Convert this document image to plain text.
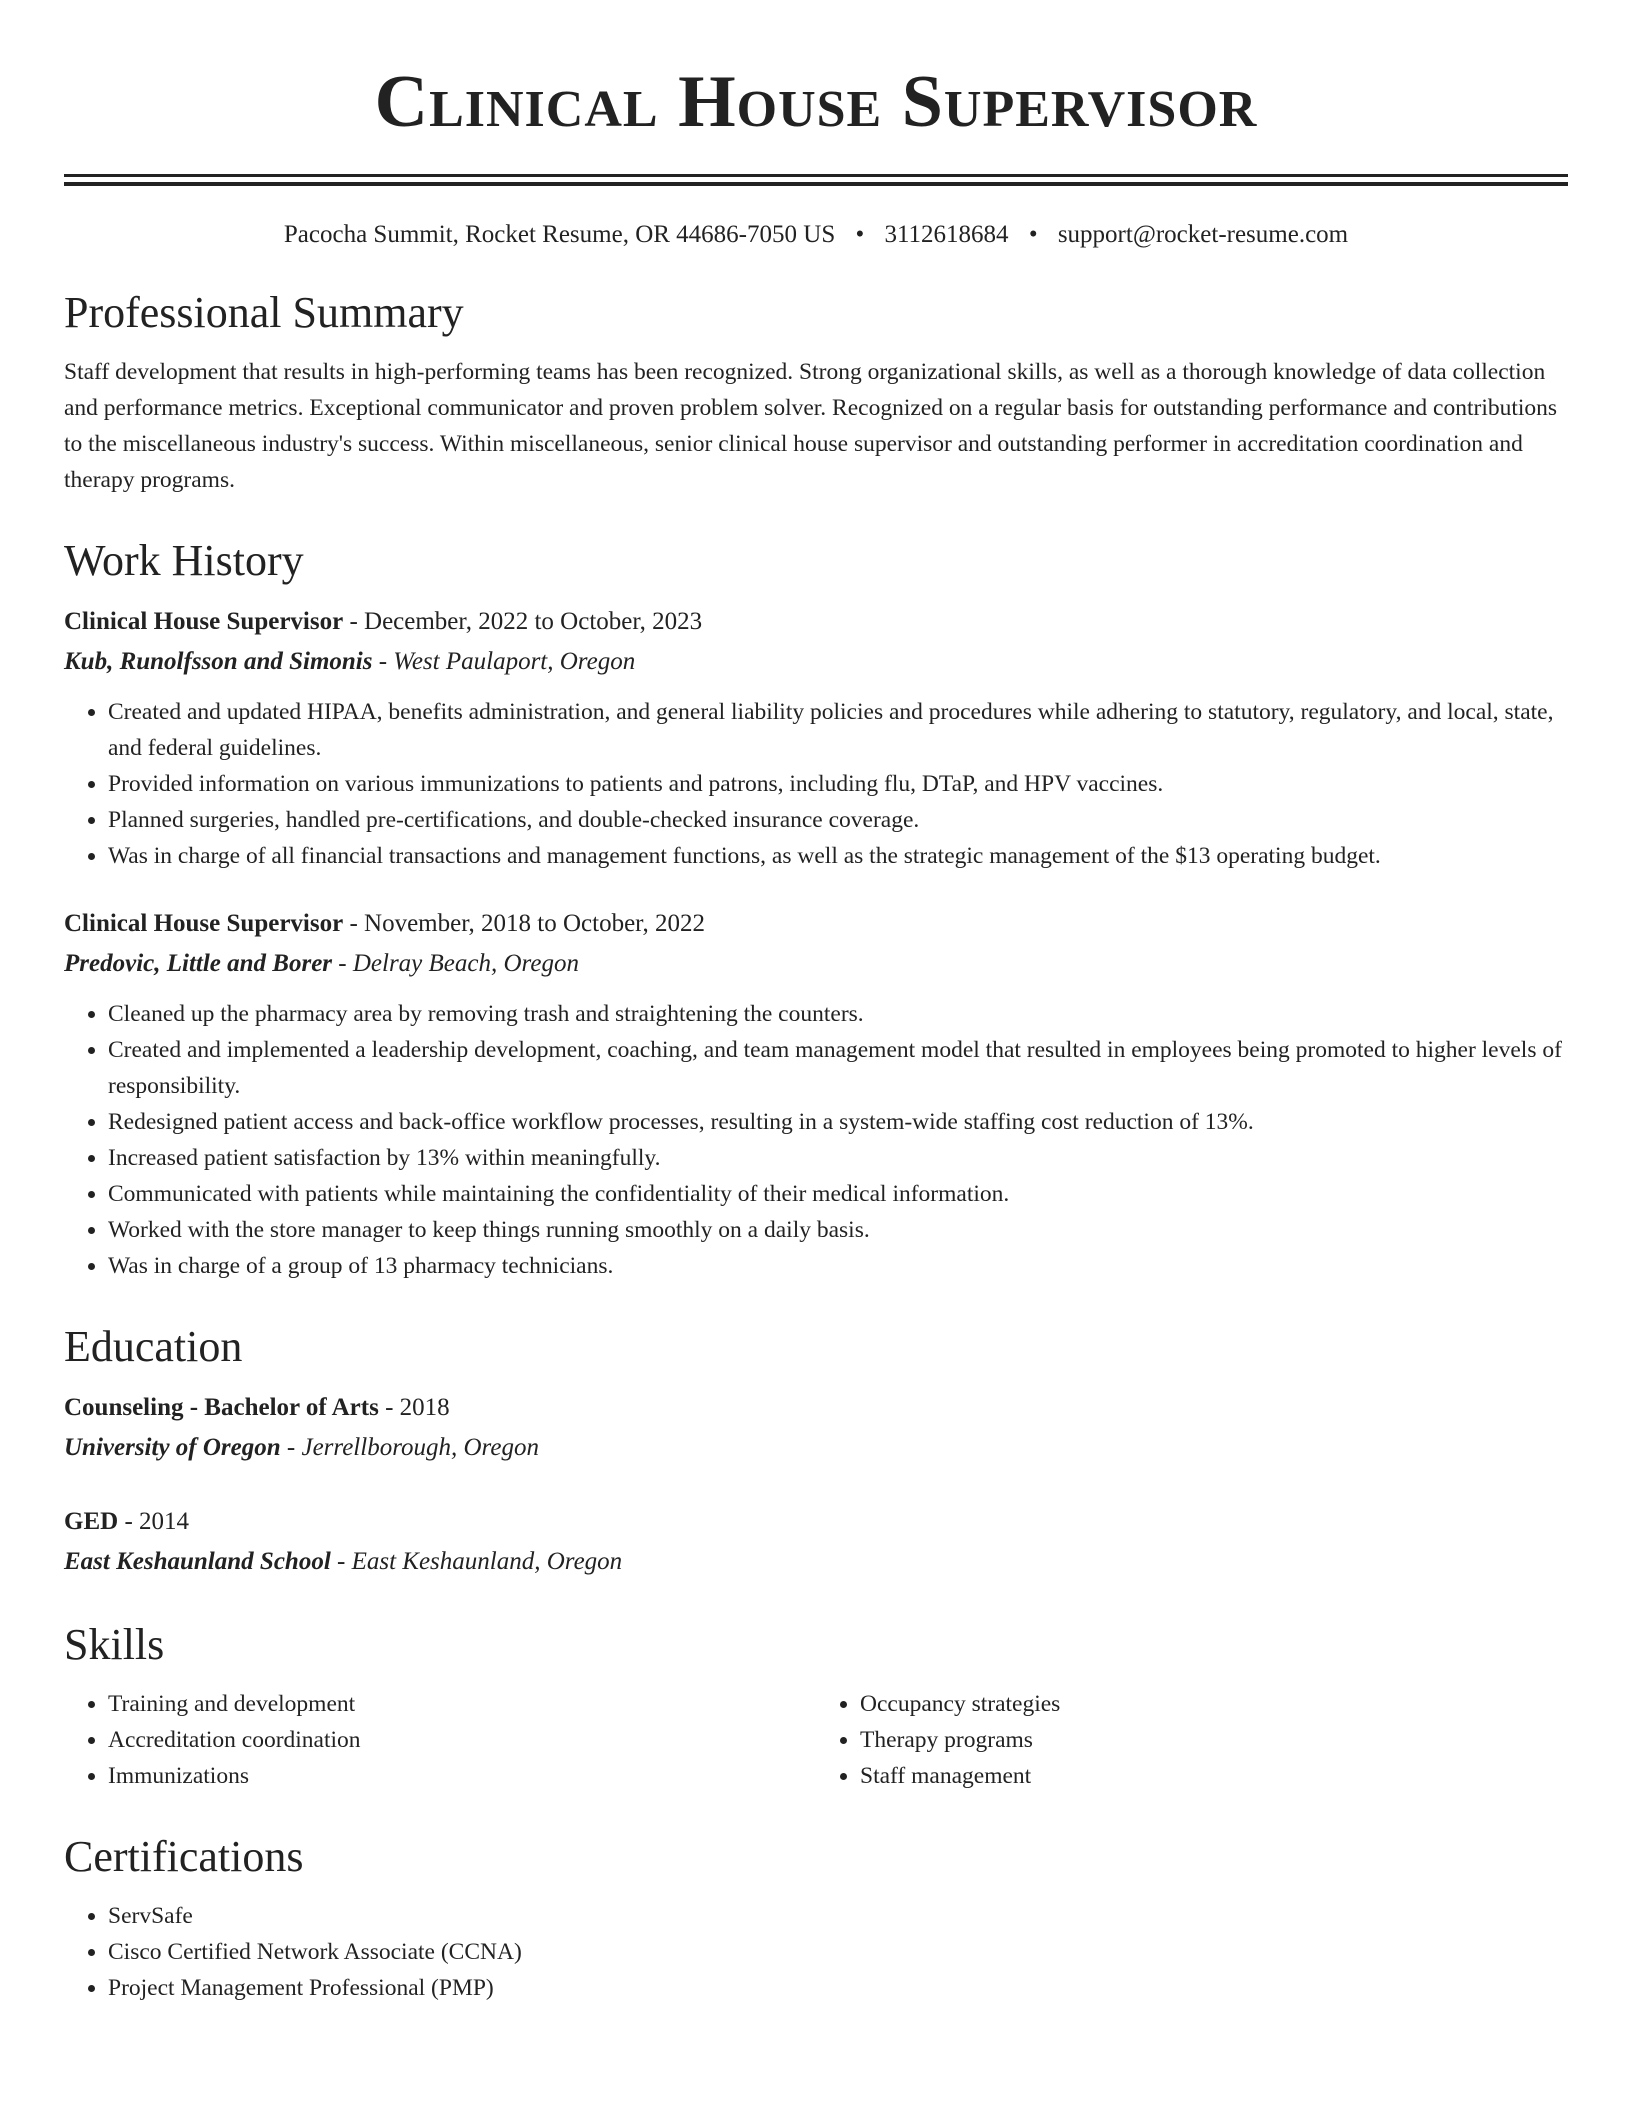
Clinical House Supervisor
Pacocha Summit, Rocket Resume, OR 44686-7050 US • 3112618684 • support@rocket-resume.com
Professional Summary

Staff development that results in high-performing teams has been recognized. Strong organizational skills, as well as a thorough knowledge of data collection and performance metrics. Exceptional communicator and proven problem solver. Recognized on a regular basis for outstanding performance and contributions to the miscellaneous industry's success. Within miscellaneous, senior clinical house supervisor and outstanding performer in accreditation coordination and therapy programs.

Work History
Clinical House Supervisor - December, 2022 to October, 2023
Kub, Runolfsson and Simonis - West Paulaport, Oregon
• Created and updated HIPAA, benefits administration, and general liability policies and procedures while adhering to statutory, regulatory, and local, state, and federal guidelines.
• Provided information on various immunizations to patients and patrons, including flu, DTaP, and HPV vaccines.
• Planned surgeries, handled pre-certifications, and double-checked insurance coverage.
• Was in charge of all financial transactions and management functions, as well as the strategic management of the $13 operating budget.
Clinical House Supervisor - November, 2018 to October, 2022
Predovic, Little and Borer - Delray Beach, Oregon
• Cleaned up the pharmacy area by removing trash and straightening the counters.
• Created and implemented a leadership development, coaching, and team management model that resulted in employees being promoted to higher levels of responsibility.
• Redesigned patient access and back-office workflow processes, resulting in a system-wide staffing cost reduction of 13%.
• Increased patient satisfaction by 13% within meaningfully.
• Communicated with patients while maintaining the confidentiality of their medical information.
• Worked with the store manager to keep things running smoothly on a daily basis.
• Was in charge of a group of 13 pharmacy technicians.
Education
Counseling - Bachelor of Arts - 2018
University of Oregon - Jerrellborough, Oregon
GED - 2014
East Keshaunland School - East Keshaunland, Oregon
Skills
• Training and development
• Accreditation coordination
• Immunizations
• Occupancy strategies
• Therapy programs
• Staff management
Certifications
• ServSafe
• Cisco Certified Network Associate (CCNA)
• Project Management Professional (PMP)
